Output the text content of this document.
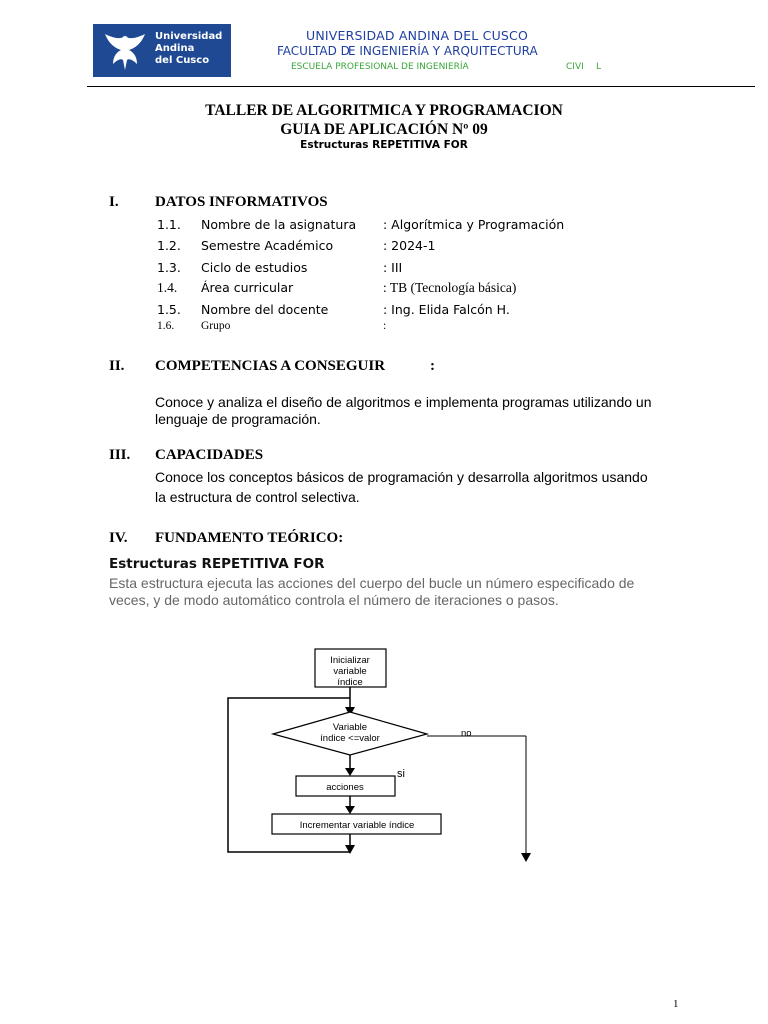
Universidad
Andina
del Cusco
UNIVERSIDAD ANDINA DEL CUSCO
FACULTAD D
E INGENIERÍA Y ARQUITECTURA
ESCUELA PROFESIONAL DE INGENIERÍA	CIVI L
TALLER DE ALGORITMICA Y PROGRAMACION
GUIA DE APLICACIÓN Nº 09
Estructuras REPETITIVA FOR
I. DATOS INFORMATIVOS
1.1. Nombre de la asignatura : Algorítmica y Programación
1.2. Semestre Académico	: 2024-1
1.3. Ciclo de estudios	: III
1.4. Área curricular	: TB (Tecnología básica)
1.5. Nombre del docente	: Ing. Elida Falcón H.
1.6. Grupo	:
II. COMPETENCIAS A CONSEGUIR	:
Conoce y analiza el diseño de algoritmos e implementa programas utilizando un
lenguaje de programación.
III. CAPACIDADES
Conoce los conceptos básicos de programación y desarrolla algoritmos usando
la estructura de control selectiva.
IV. FUNDAMENTO TEÓRICO:
Estructuras REPETITIVA FOR
Esta estructura ejecuta las acciones del cuerpo del bucle un número especificado de
veces, y de modo automático controla el número de iteraciones o pasos.
Inicializar
variable
índice
Variable
índice <=valor	no
si
acciones
Incrementar variable índice
1
